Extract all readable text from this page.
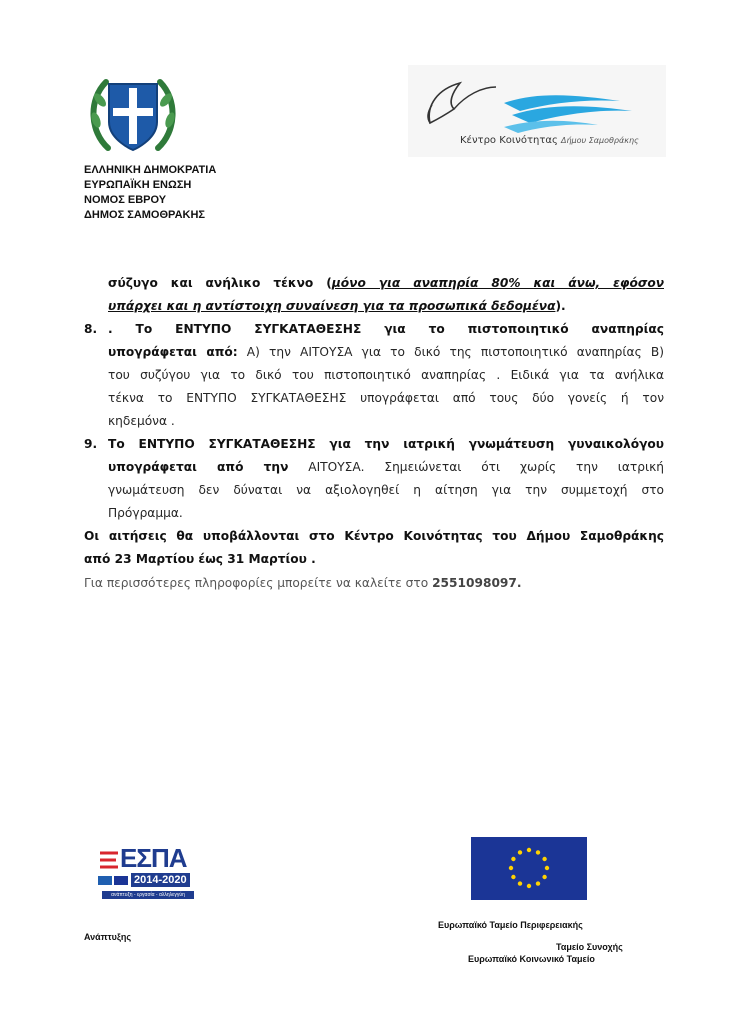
ΕΛΛΗΝΙΚΗ ΔΗΜΟΚΡΑΤΙΑ
ΕΥΡΩΠΑΪΚΗ ΕΝΩΣΗ
ΝΟΜΟΣ ΕΒΡΟΥ
ΔΗΜΟΣ ΣΑΜΟΘΡΑΚΗΣ
Κέντρο Κοινότητας Δήμου Σαμοθράκης
σύζυγο και ανήλικο τέκνο (μόνο για αναπηρία 80% και άνω, εφόσον
υπάρχει και η αντίστοιχη συναίνεση για τα προσωπικά δεδομένα).
8. . Το ΕΝΤΥΠΟ ΣΥΓΚΑΤΑΘΕΣΗΣ για το πιστοποιητικό αναπηρίας
υπογράφεται από: Α) την ΑΙΤΟΥΣΑ για το δικό της πιστοποιητικό αναπηρίας Β)
του συζύγου για το δικό του πιστοποιητικό αναπηρίας . Ειδικά για τα ανήλικα
τέκνα το ΕΝΤΥΠΟ ΣΥΓΚΑΤΑΘΕΣΗΣ υπογράφεται από τους δύο γονείς ή τον
κηδεμόνα .
9. Το ΕΝΤΥΠΟ ΣΥΓΚΑΤΑΘΕΣΗΣ για την ιατρική γνωμάτευση γυναικολόγου
υπογράφεται από την ΑΙΤΟΥΣΑ. Σημειώνεται ότι χωρίς την ιατρική
γνωμάτευση δεν δύναται να αξιολογηθεί η αίτηση για την συμμετοχή στο
Πρόγραμμα.
Οι αιτήσεις θα υποβάλλονται στο Κέντρο Κοινότητας του Δήμου Σαμοθράκης
από 23 Μαρτίου έως 31 Μαρτίου .
Για περισσότερες πληροφορίες μπορείτε να καλείτε στο 2551098097.
ΕΣΠΑ
2014-2020
ανάπτυξη - εργασία - αλληλεγγύη
Ανάπτυξης
Ευρωπαϊκό Ταμείο Περιφερειακής
Ταμείο Συνοχής
Ευρωπαϊκό Κοινωνικό Ταμείο
